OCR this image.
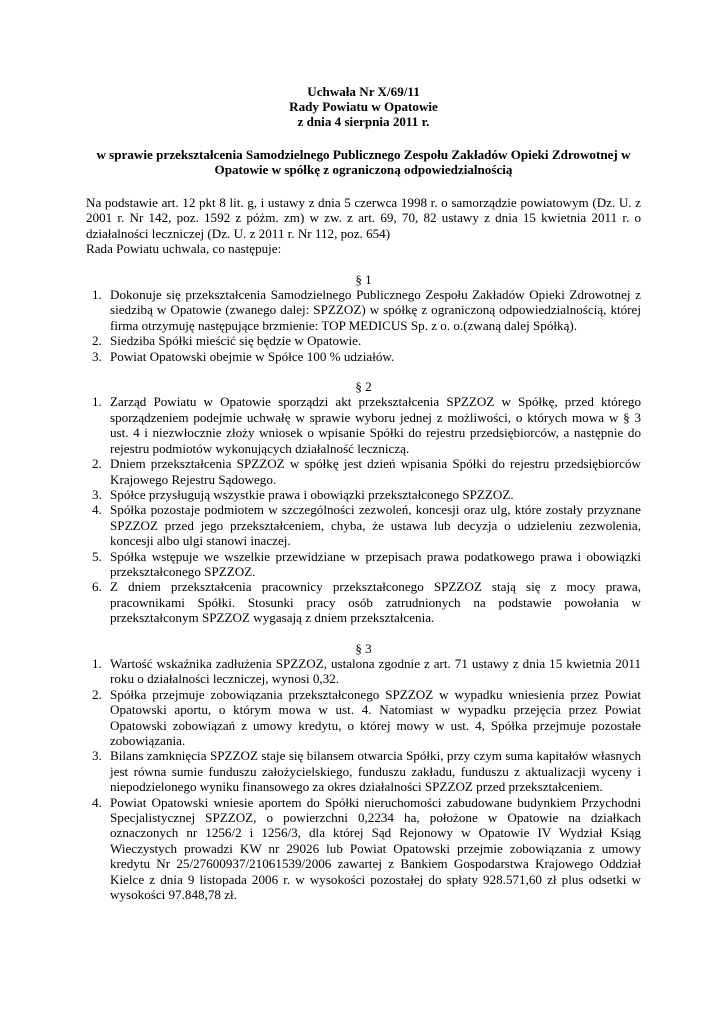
Uchwała Nr X/69/11
Rady Powiatu w Opatowie
z dnia 4 sierpnia 2011 r.
w sprawie przekształcenia Samodzielnego Publicznego Zespołu Zakładów Opieki Zdrowotnej w
Opatowie w spółkę z ograniczoną odpowiedzialnością

Na podstawie art. 12 pkt 8 lit. g, i ustawy z dnia 5 czerwca 1998 r. o samorządzie powiatowym (Dz. U. z 2001 r. Nr 142, poz. 1592 z póżm. zm) w zw. z art. 69, 70, 82 ustawy z dnia 15 kwietnia 2011 r. o działalności leczniczej (Dz. U. z 2011 r. Nr 112, poz. 654)

Rada Powiatu uchwala, co następuje:

§ 1
1. Dokonuje się przekształcenia Samodzielnego Publicznego Zespołu Zakładów Opieki Zdrowotnej z siedzibą w Opatowie (zwanego dalej: SPZZOZ) w spółkę z ograniczoną odpowiedzialnością, której firma otrzymuję następujące brzmienie: TOP MEDICUS Sp. z o. o.(zwaną dalej Spółką).
2. Siedziba Spółki mieścić się będzie w Opatowie.
3. Powiat Opatowski obejmie w Spółce 100 % udziałów.
§ 2
1. Zarząd Powiatu w Opatowie sporządzi akt przekształcenia SPZZOZ w Spółkę, przed którego sporządzeniem podejmie uchwałę w sprawie wyboru jednej z możliwości, o których mowa w § 3 ust. 4 i niezwłocznie złoży wniosek o wpisanie Spółki do rejestru przedsiębiorców, a następnie do rejestru podmiotów wykonujących działalność leczniczą.
2. Dniem przekształcenia SPZZOZ w spółkę jest dzień wpisania Spółki do rejestru przedsiębiorców Krajowego Rejestru Sądowego.
3. Spółce przysługują wszystkie prawa i obowiązki przekształconego SPZZOZ.
4. Spółka pozostaje podmiotem w szczególności zezwoleń, koncesji oraz ulg, które zostały przyznane SPZZOZ przed jego przekształceniem, chyba, że ustawa lub decyzja o udzieleniu zezwolenia, koncesji albo ulgi stanowi inaczej.
5. Spółka wstępuje we wszelkie przewidziane w przepisach prawa podatkowego prawa i obowiązki przekształconego SPZZOZ.
6. Z dniem przekształcenia pracownicy przekształconego SPZZOZ stają się z mocy prawa, pracownikami Spółki. Stosunki pracy osób zatrudnionych na podstawie powołania w przekształconym SPZZOZ wygasają z dniem przekształcenia.
§ 3
1. Wartość wskaźnika zadłużenia SPZZOZ, ustalona zgodnie z art. 71 ustawy z dnia 15 kwietnia 2011 roku o działalności leczniczej, wynosi 0,32.
2. Spółka przejmuje zobowiązania przekształconego SPZZOZ w wypadku wniesienia przez Powiat Opatowski aportu, o którym mowa w ust. 4. Natomiast w wypadku przejęcia przez Powiat Opatowski zobowiązań z umowy kredytu, o której mowy w ust. 4, Spółka przejmuje pozostałe zobowiązania.
3. Bilans zamknięcia SPZZOZ staje się bilansem otwarcia Spółki, przy czym suma kapitałów własnych jest równa sumie funduszu założycielskiego, funduszu zakładu, funduszu z aktualizacji wyceny i niepodzielonego wyniku finansowego za okres działalności SPZZOZ przed przekształceniem.
4. Powiat Opatowski wniesie aportem do Spółki nieruchomości zabudowane budynkiem Przychodni Specjalistycznej SPZZOZ, o powierzchni 0,2234 ha, położone w Opatowie na działkach oznaczonych nr 1256/2 i 1256/3, dla której Sąd Rejonowy w Opatowie IV Wydział Ksiąg Wieczystych prowadzi KW nr 29026 lub Powiat Opatowski przejmie zobowiązania z umowy kredytu Nr 25/27600937/21061539/2006 zawartej z Bankiem Gospodarstwa Krajowego Oddział Kielce z dnia 9 listopada 2006 r. w wysokości pozostałej do spłaty 928.571,60 zł plus odsetki w wysokości 97.848,78 zł.
